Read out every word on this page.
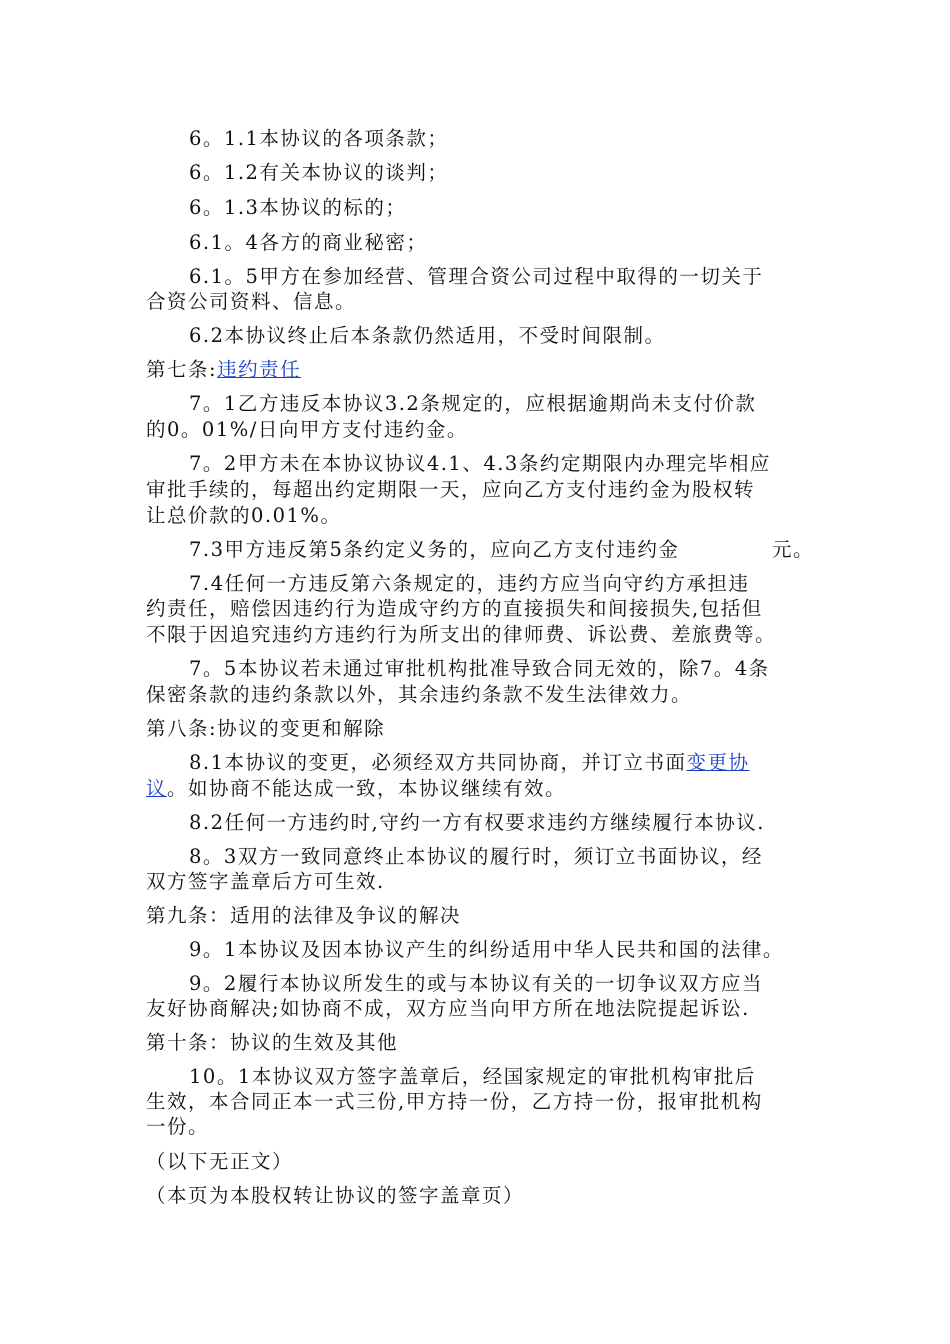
6。1.1本协议的各项条款；
6。1.2有关本协议的谈判；
6。1.3本协议的标的；
6.1。4各方的商业秘密；
6.1。5甲方在参加经营、管理合资公司过程中取得的一切关于
合资公司资料、信息。
6.2本协议终止后本条款仍然适用，不受时间限制。
第七条:违约责任
7。1乙方违反本协议3.2条规定的，应根据逾期尚未支付价款
的0。01%/日向甲方支付违约金。
7。2甲方未在本协议协议4.1、4.3条约定期限内办理完毕相应
审批手续的，每超出约定期限一天，应向乙方支付违约金为股权转
让总价款的0.01%。
7.3甲方违反第5条约定义务的，应向乙方支付违约金	元。
7.4任何一方违反第六条规定的，违约方应当向守约方承担违
约责任，赔偿因违约行为造成守约方的直接损失和间接损失,包括但
不限于因追究违约方违约行为所支出的律师费、诉讼费、差旅费等。
7。5本协议若未通过审批机构批准导致合同无效的，除7。4条
保密条款的违约条款以外，其余违约条款不发生法律效力。
第八条:协议的变更和解除
8.1本协议的变更，必须经双方共同协商，并订立书面变更协
议。如协商不能达成一致，本协议继续有效。
8.2任何一方违约时,守约一方有权要求违约方继续履行本协议.
8。3双方一致同意终止本协议的履行时，须订立书面协议，经
双方签字盖章后方可生效.
第九条：适用的法律及争议的解决
9。1本协议及因本协议产生的纠纷适用中华人民共和国的法律。
9。2履行本协议所发生的或与本协议有关的一切争议双方应当
友好协商解决;如协商不成，双方应当向甲方所在地法院提起诉讼.
第十条：协议的生效及其他
10。1本协议双方签字盖章后，经国家规定的审批机构审批后
生效，本合同正本一式三份,甲方持一份，乙方持一份，报审批机构
一份。
（以下无正文）
（本页为本股权转让协议的签字盖章页）
